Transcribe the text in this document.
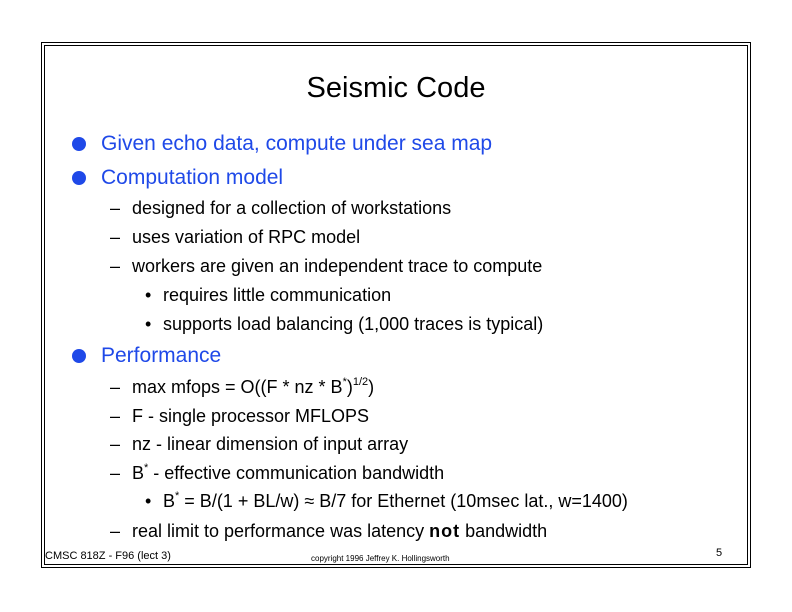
Seismic Code
Given echo data, compute under sea map
Computation model
– designed for a collection of workstations
– uses variation of RPC model
– workers are given an independent trace to compute
• requires little communication
• supports load balancing (1,000 traces is typical)
Performance
– max mfops = O((F * nz * B*)$^{1/2}$)
– F - single processor MFLOPS
– nz - linear dimension of input array
– B* - effective communication bandwidth
• B* = B/(1 + BL/w) ≈ B/7 for Ethernet (10msec lat., w=1400)
– real limit to performance was latency not bandwidth
CMSC 818Z - F96 (lect 3)	copyright 1996 Jeffrey K. Hollingsworth	5
